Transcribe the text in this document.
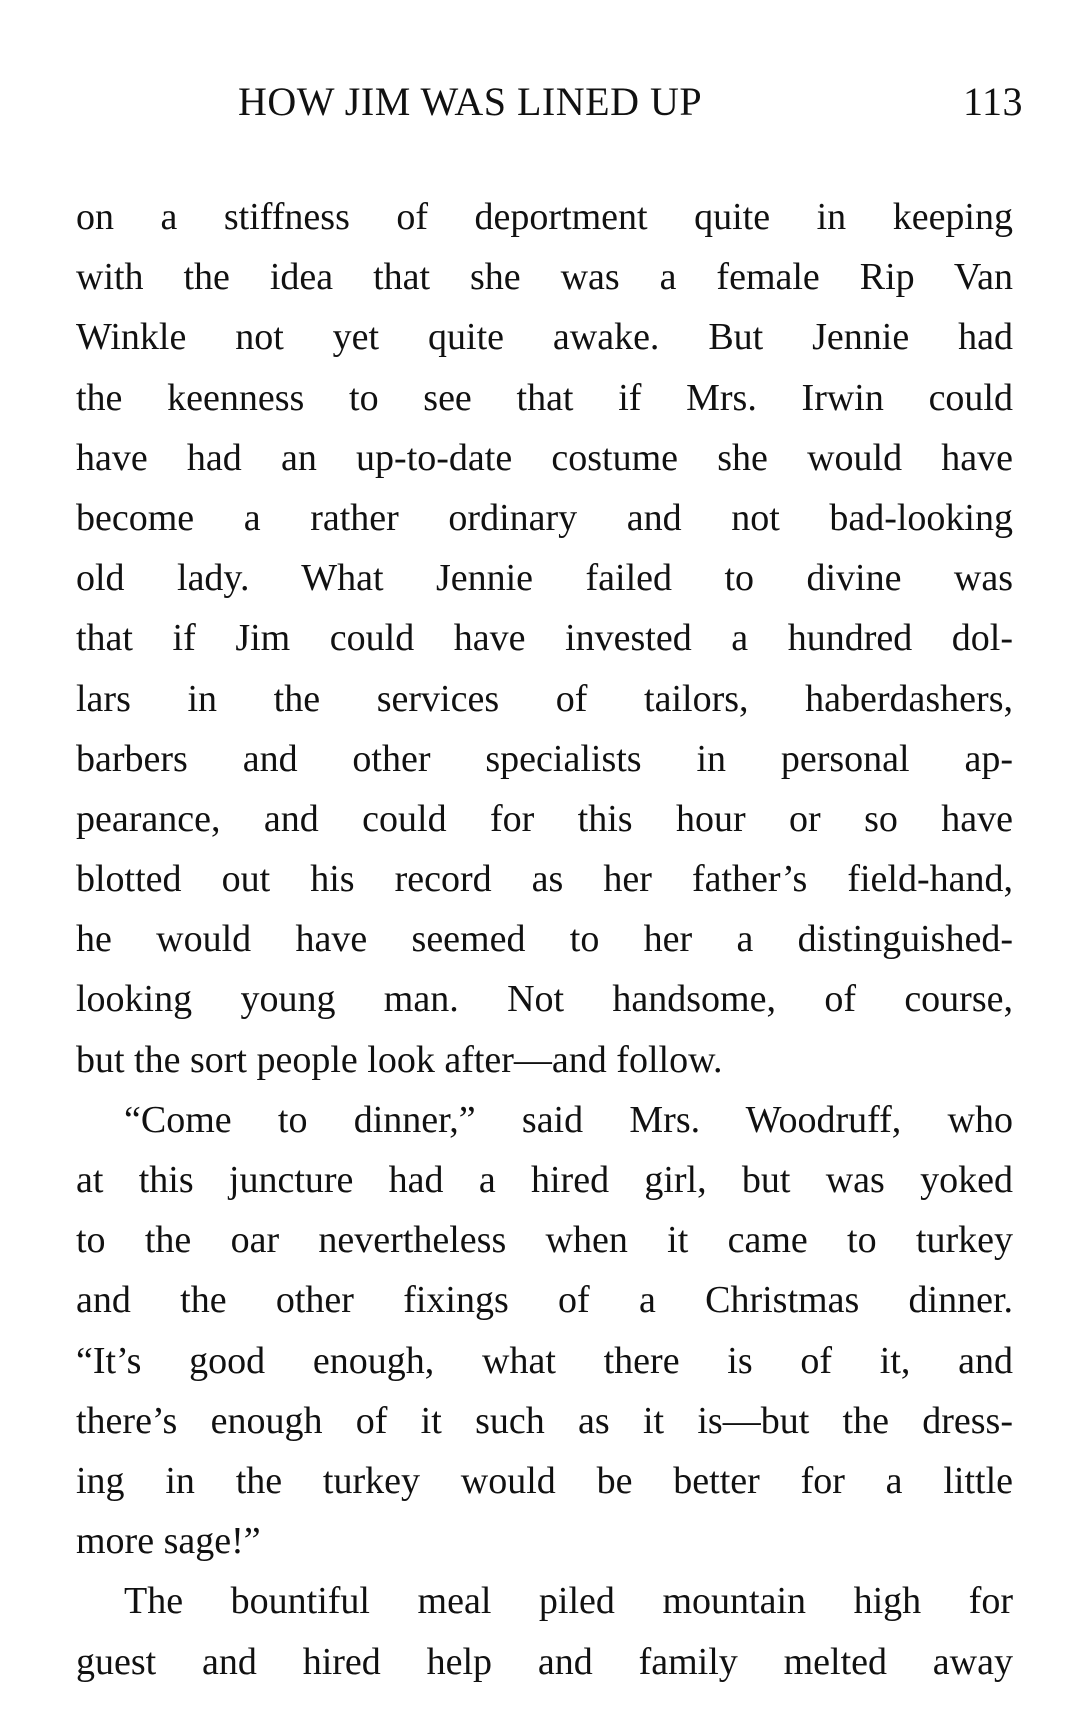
HOW JIM WAS LINED UP	113
on a stiffness of deportment quite in keeping
with the idea that she was a female Rip Van
Winkle not yet quite awake. But Jennie had
the keenness to see that if Mrs. Irwin could
have had an up-to-date costume she would have
become a rather ordinary and not bad-looking
old lady. What Jennie failed to divine was
that if Jim could have invested a hundred dol-
lars in the services of tailors, haberdashers,
barbers and other specialists in personal ap-
pearance, and could for this hour or so have
blotted out his record as her father’s field-hand,
he would have seemed to her a distinguished-
looking young man. Not handsome, of course,
but the sort people look after—and follow.
“Come to dinner,” said Mrs. Woodruff, who
at this juncture had a hired girl, but was yoked
to the oar nevertheless when it came to turkey
and the other fixings of a Christmas dinner.
“It’s good enough, what there is of it, and
there’s enough of it such as it is—but the dress-
ing in the turkey would be better for a little
more sage!”
The bountiful meal piled mountain high for
guest and hired help and family melted away
